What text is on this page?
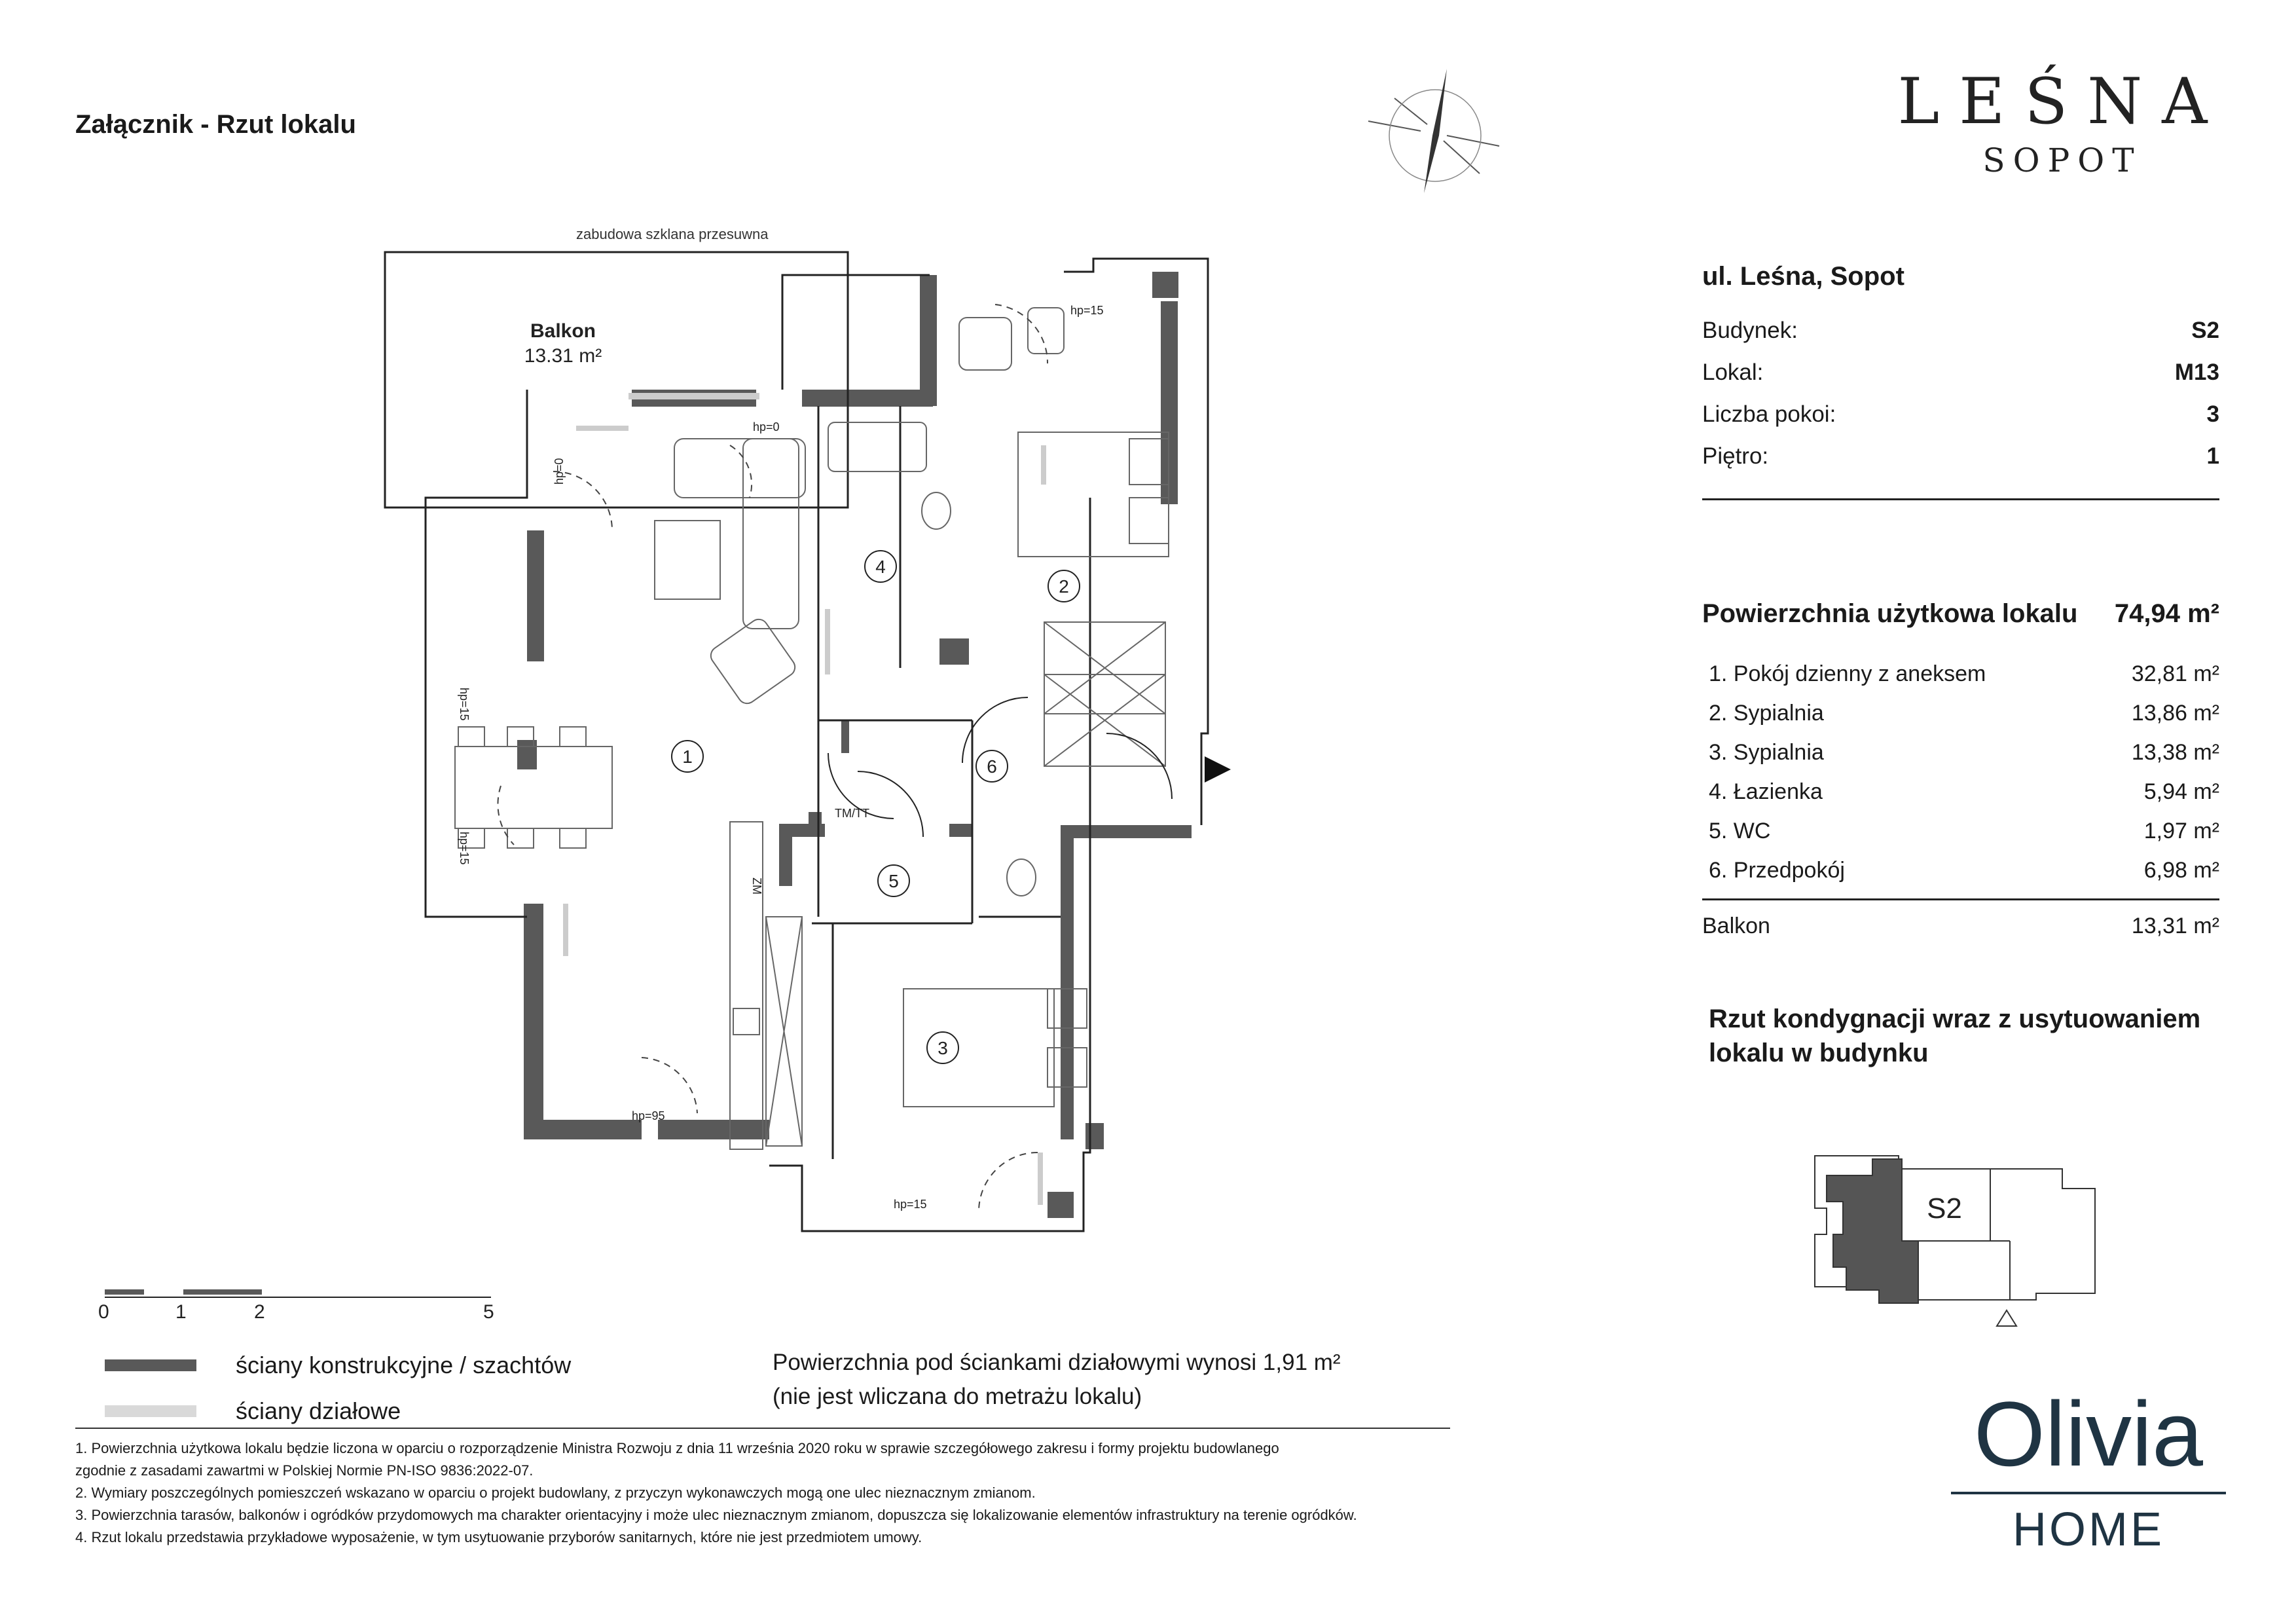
Załącznik - Rzut lokalu	LEŚNA
SOPOT
ul. Leśna, Sopot
Budynek:	S2
Lokal:	M13
Liczba pokoi:	3
Piętro:	1
Powierzchnia użytkowa lokalu 74,94 m²
1. Pokój dzienny z aneksem	32,81 m²
2. Sypialnia	13,86 m²
3. Sypialnia	13,38 m²
4. Łazienka	5,94 m²
5. WC	1,97 m²
6. Przedpokój	6,98 m²
Balkon	13,31 m²
Rzut kondygnacji wraz z usytuowaniem lokalu w budynku
S2
zabudowa szklana przesuwna
Balkon
13.31 m²
1
2
3
4
5
6
hp=0
hp=0
hp=15
hp=15
hp=15
hp=15
hp=95
TM/TT
ZM
0	1	2	5
ściany konstrukcyjne / szachtów
ściany działowe
Powierzchnia pod ściankami działowymi wynosi 1,91 m²
(nie jest wliczana do metrażu lokalu)
1. Powierzchnia użytkowa lokalu będzie liczona w oparciu o rozporządzenie Ministra Rozwoju z dnia 11 września 2020 roku w sprawie szczegółowego zakresu i formy projektu budowlanego
zgodnie z zasadami zawartmi w Polskiej Normie PN-ISO 9836:2022-07.
2. Wymiary poszczególnych pomieszczeń wskazano w oparciu o projekt budowlany, z przyczyn wykonawczych mogą one ulec nieznacznym zmianom.
3. Powierzchnia tarasów, balkonów i ogródków przydomowych ma charakter orientacyjny i może ulec nieznacznym zmianom, dopuszcza się lokalizowanie elementów infrastruktury na terenie ogródków.
4. Rzut lokalu przedstawia przykładowe wyposażenie, w tym usytuowanie przyborów sanitarnych, które nie jest przedmiotem umowy.
Olivia
HOME
